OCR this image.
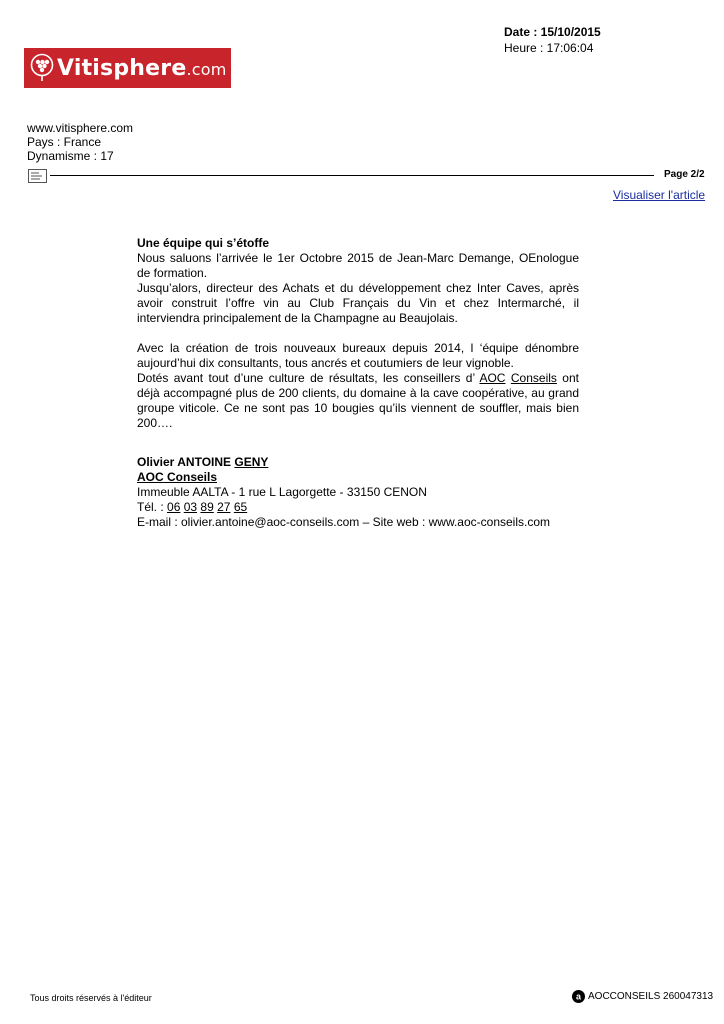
Date : 15/10/2015
Heure : 17:06:04
Vitisphere.com
www.vitisphere.com
Pays : France
Dynamisme : 17
Page 2/2
Visualiser l'article

Une équipe qui s’étoffe

Nous saluons l’arrivée le 1er Octobre 2015 de Jean-Marc Demange, OEnologue de formation.

Jusqu’alors, directeur des Achats et du développement chez Inter Caves, après avoir construit l’offre vin au Club Français du Vin et chez Intermarché, il interviendra principalement de la Champagne au Beaujolais.

Avec la création de trois nouveaux bureaux depuis 2014, l ‘équipe dénombre aujourd’hui dix consultants, tous ancrés et coutumiers de leur vignoble.

Dotés avant tout d’une culture de résultats, les conseillers d’ AOC Conseils ont déjà accompagné plus de 200 clients, du domaine à la cave coopérative, au grand groupe viticole. Ce ne sont pas 10 bougies qu’ils viennent de souffler, mais bien 200….

Olivier ANTOINE GENY
AOC Conseils
Immeuble AALTA - 1 rue L Lagorgette - 33150 CENON
Tél. : 06 03 89 27 65
E-mail : olivier.antoine@aoc-conseils.com – Site web : www.aoc-conseils.com
Tous droits réservés à l'éditeur	a AOCCONSEILS 260047313
